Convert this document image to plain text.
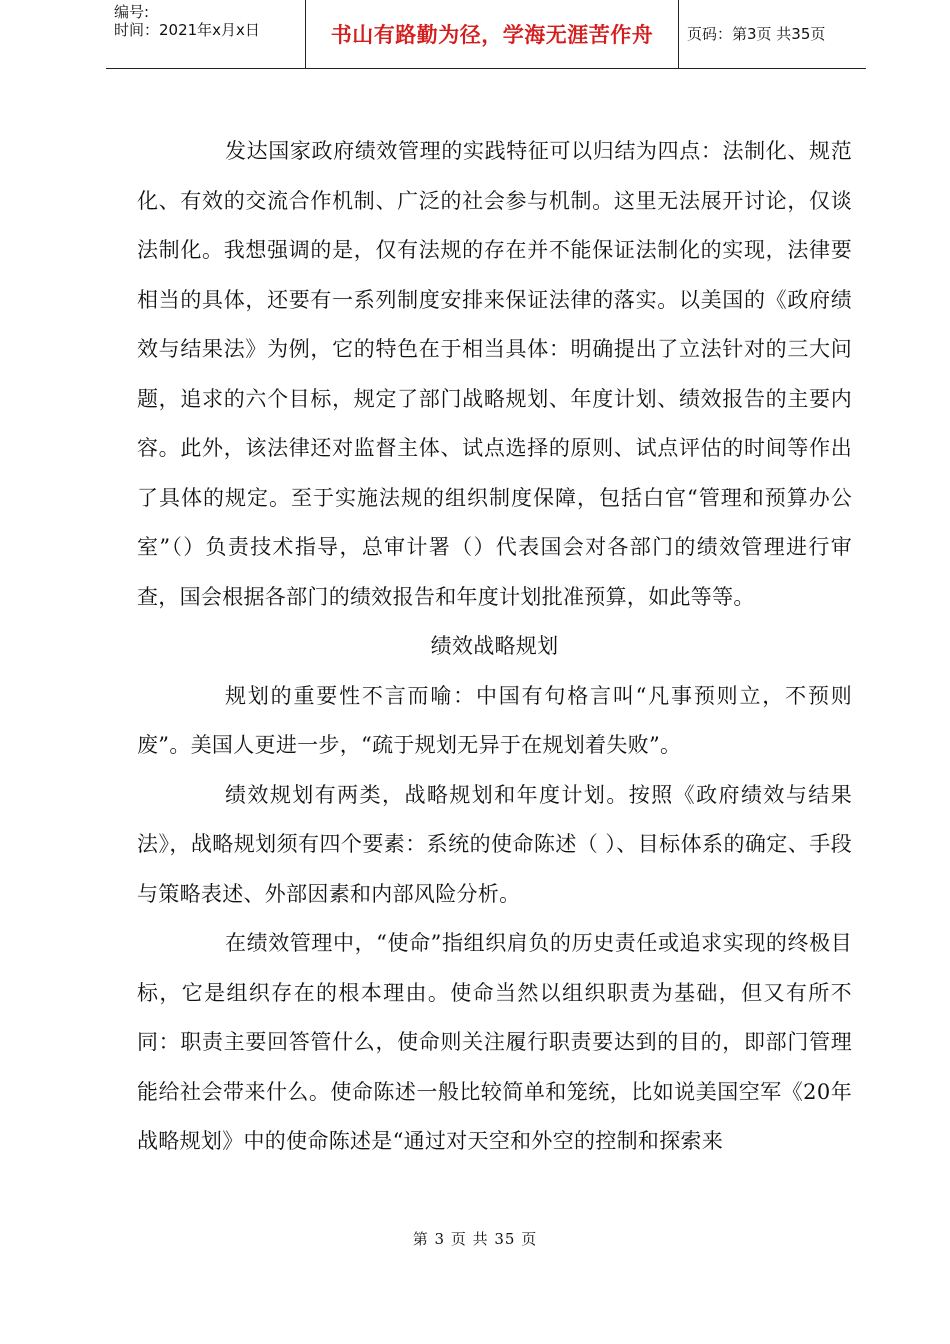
编号:
时间：2021年x月x日	书山有路勤为径，学海无涯苦作舟	页码：第3页 共35页

发达国家政府绩效管理的实践特征可以归结为四点：法制化、规范化、有效的交流合作机制、广泛的社会参与机制。这里无法展开讨论，仅谈法制化。我想强调的是，仅有法规的存在并不能保证法制化的实现，法律要相当的具体，还要有一系列制度安排来保证法律的落实。以美国的《政府绩效与结果法》为例，它的特色在于相当具体：明确提出了立法针对的三大问题，追求的六个目标，规定了部门战略规划、年度计划、绩效报告的主要内容。此外，该法律还对监督主体、试点选择的原则、试点评估的时间等作出了具体的规定。至于实施法规的组织制度保障，包括白官“管理和预算办公室”（）负责技术指导，总审计署（）代表国会对各部门的绩效管理进行审查，国会根据各部门的绩效报告和年度计划批准预算，如此等等。

绩效战略规划

规划的重要性不言而喻：中国有句格言叫“凡事预则立，不预则废”。美国人更进一步，“疏于规划无异于在规划着失败”。

绩效规划有两类，战略规划和年度计划。按照《政府绩效与结果法》，战略规划须有四个要素：系统的使命陈述（ ）、目标体系的确定、手段与策略表述、外部因素和内部风险分析。

在绩效管理中，“使命”指组织肩负的历史责任或追求实现的终极目标，它是组织存在的根本理由。使命当然以组织职责为基础，但又有所不同：职责主要回答管什么，使命则关注履行职责要达到的目的，即部门管理能给社会带来什么。使命陈述一般比较简单和笼统，比如说美国空军《20年战略规划》中的使命陈述是“通过对天空和外空的控制和探索来

第 3 页 共 35 页
